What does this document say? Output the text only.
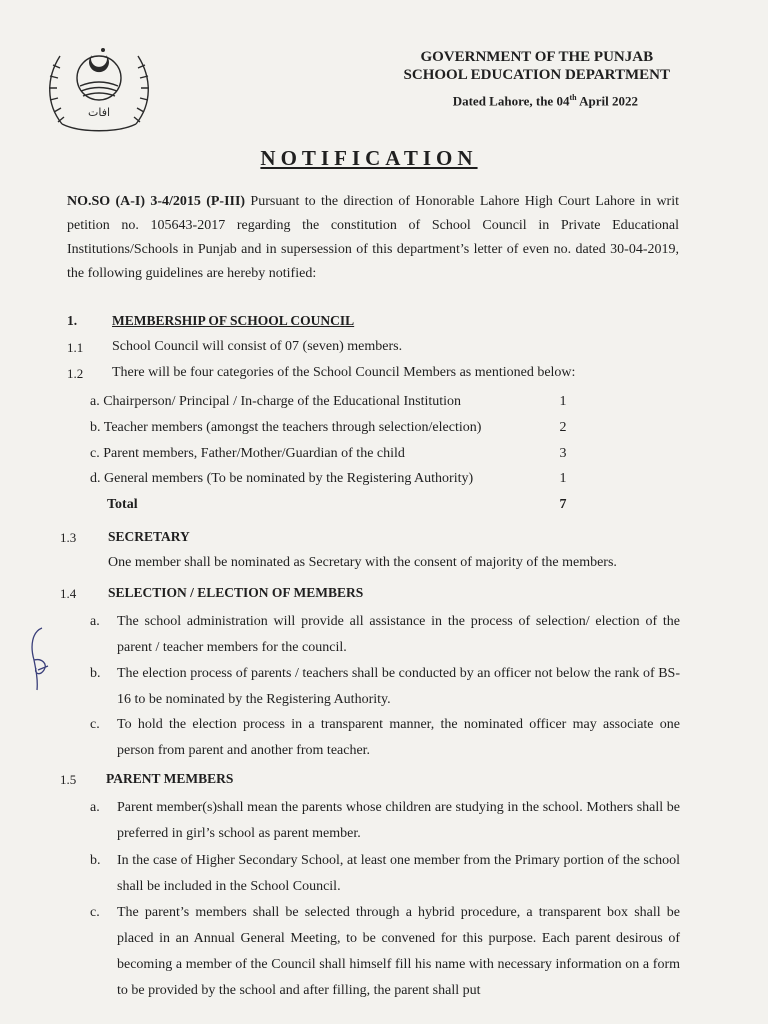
ﺍﻓﺎﺕ
GOVERNMENT OF THE PUNJAB
SCHOOL EDUCATION DEPARTMENT
Dated Lahore, the 04th April 2022
NOTIFICATION
NO.SO (A-I) 3-4/2015 (P-III) Pursuant to the direction of Honorable Lahore High Court Lahore in writ petition no. 105643-2017 regarding the constitution of School Council in Private Educational Institutions/Schools in Punjab and in supersession of this department’s letter of even no. dated 30-04-2019, the following guidelines are hereby notified:
1.	MEMBERSHIP OF SCHOOL COUNCIL
1.1 School Council will consist of 07 (seven) members.
1.2 There will be four categories of the School Council Members as mentioned below:
a. Chairperson/ Principal / In-charge of the Educational Institution	1
b. Teacher members (amongst the teachers through selection/election)	2
c. Parent members, Father/Mother/Guardian of the child	3
d. General members (To be nominated by the Registering Authority)	1
Total	7
1.3 SECRETARY
One member shall be nominated as Secretary with the consent of majority of the members.
1.4 SELECTION / ELECTION OF MEMBERS
a.	The school administration will provide all assistance in the process of selection/ election of the parent / teacher members for the council.
b.	The election process of parents / teachers shall be conducted by an officer not below the rank of BS-16 to be nominated by the Registering Authority.
c.	To hold the election process in a transparent manner, the nominated officer may associate one person from parent and another from teacher.
1.5 PARENT MEMBERS
a.	Parent member(s)shall mean the parents whose children are studying in the school. Mothers shall be preferred in girl’s school as parent member.
b.	In the case of Higher Secondary School, at least one member from the Primary portion of the school shall be included in the School Council.
c.	The parent’s members shall be selected through a hybrid procedure, a transparent box shall be placed in an Annual General Meeting, to be convened for this purpose. Each parent desirous of becoming a member of the Council shall himself fill his name with necessary information on a form to be provided by the school and after filling, the parent shall put
